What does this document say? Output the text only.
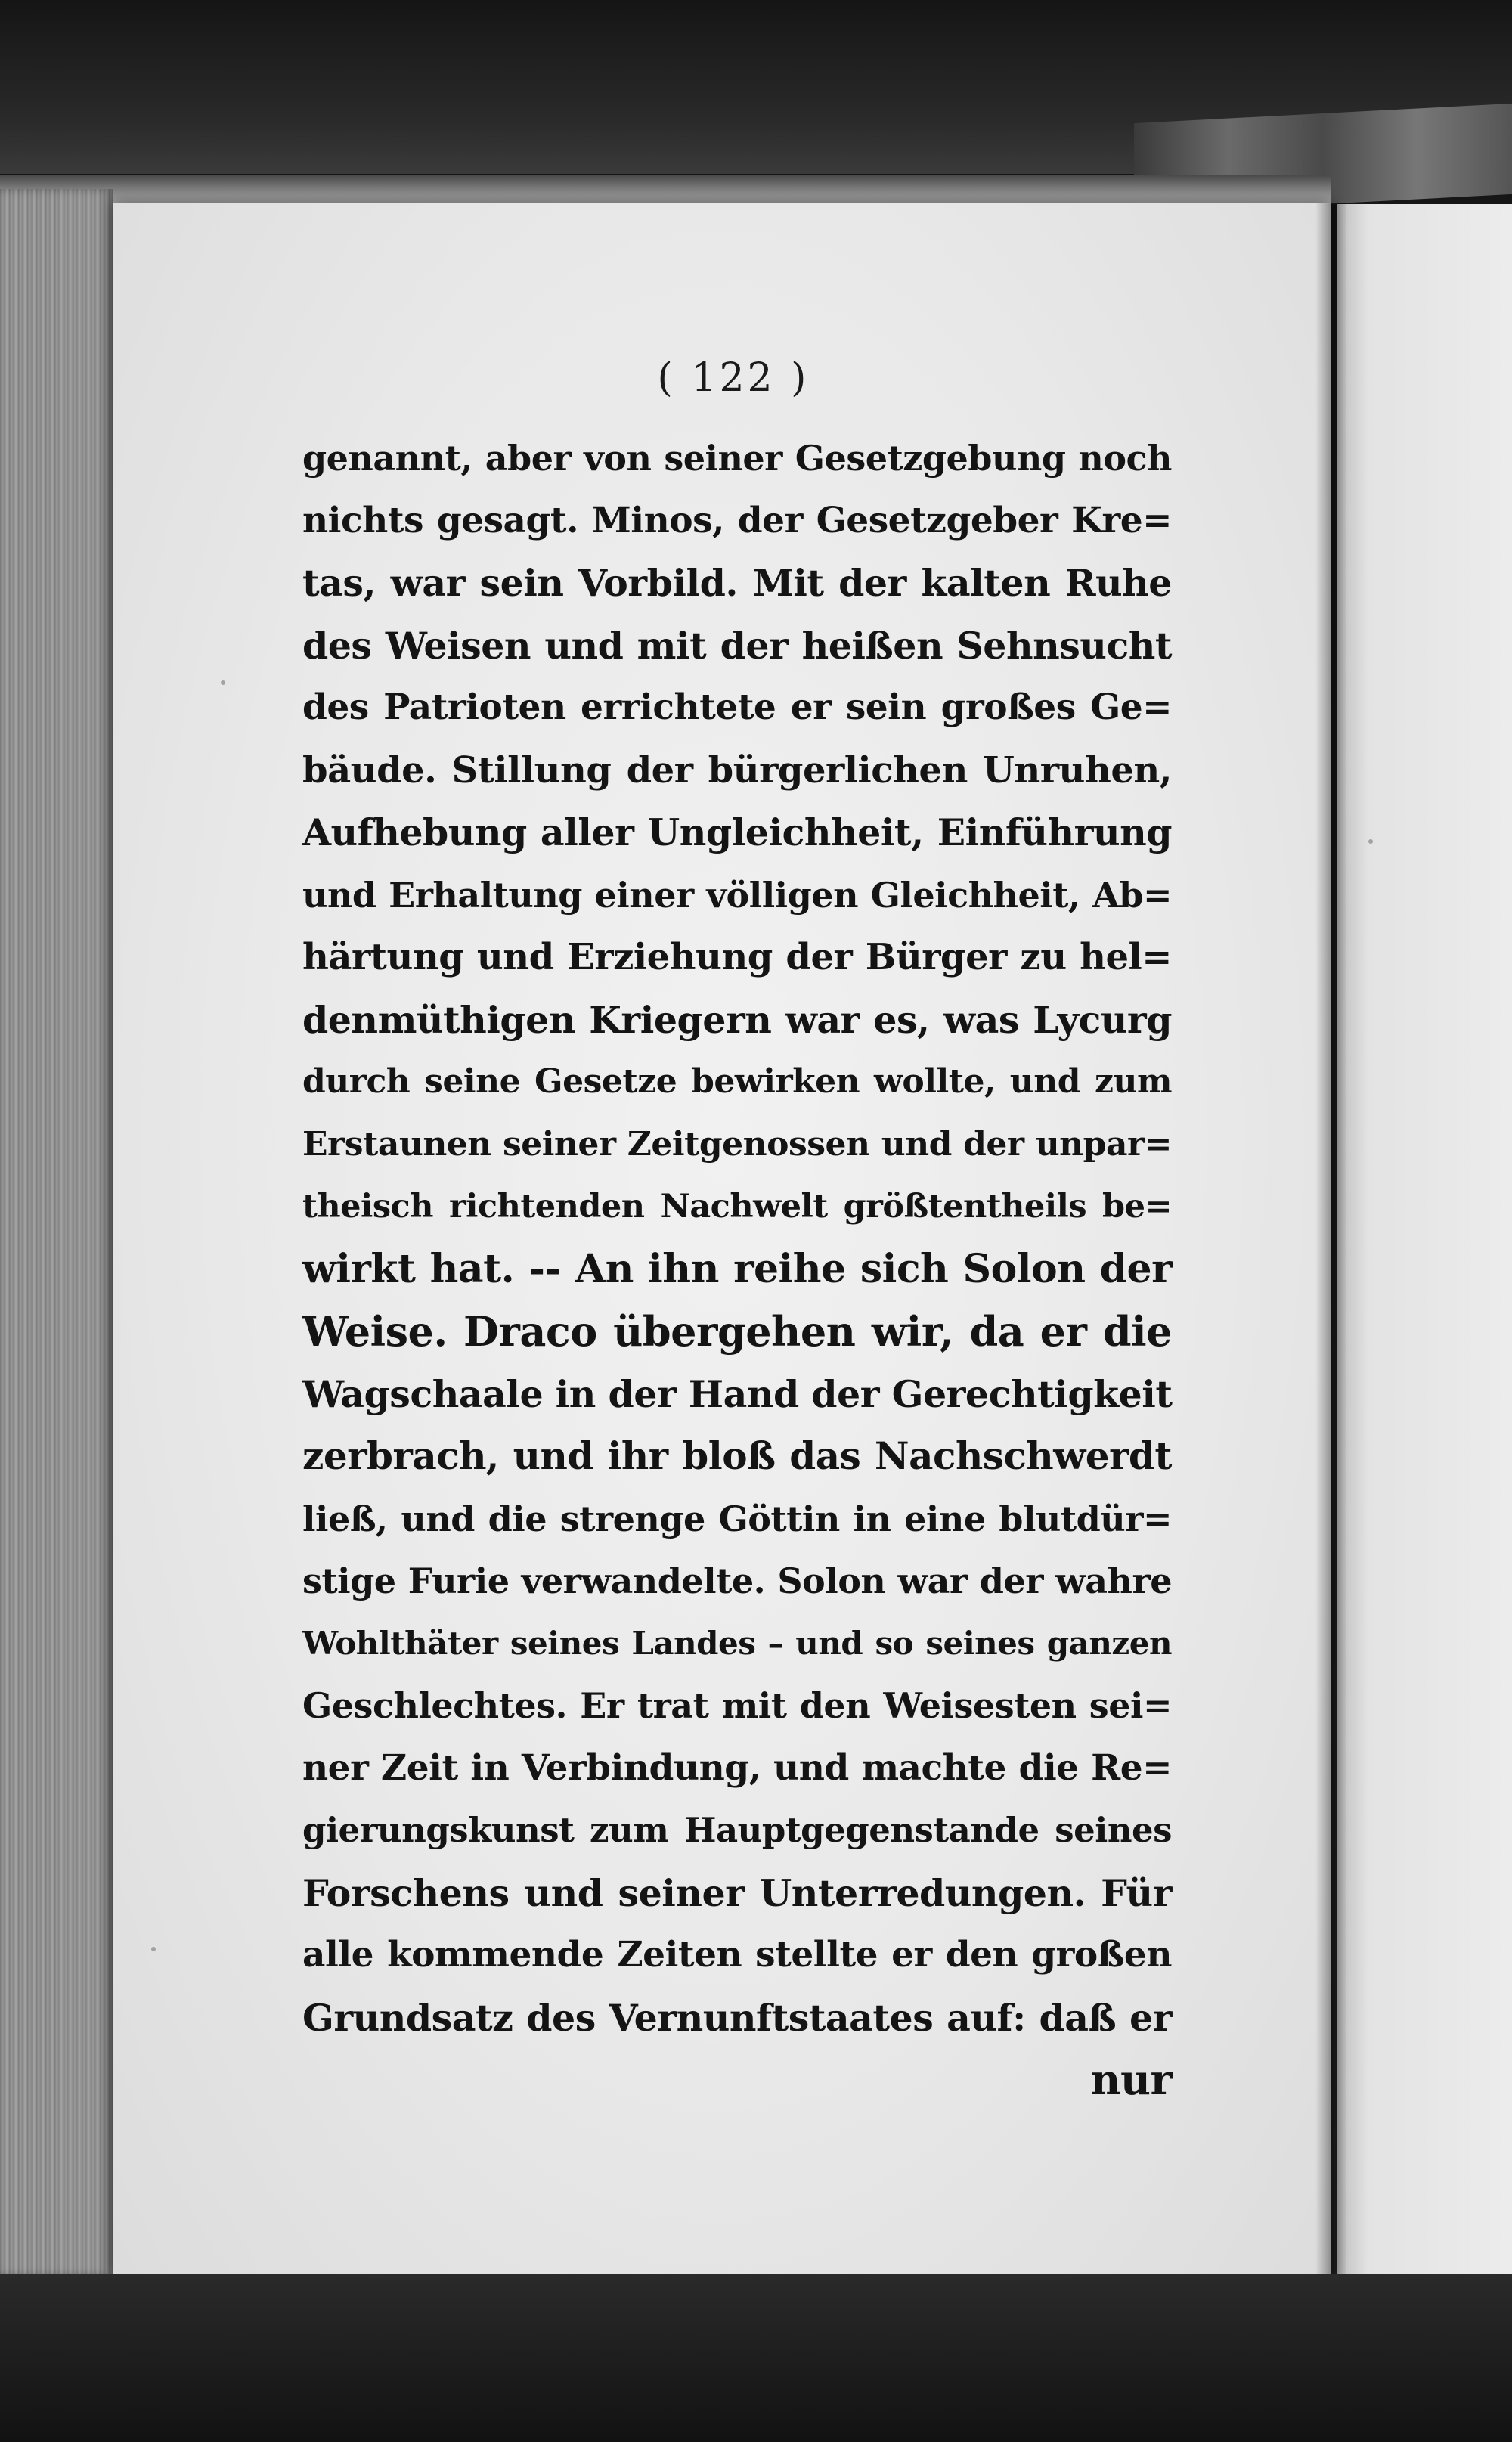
( 122 )
genannt, aber von seiner Gesetzgebung noch
nichts gesagt. Minos, der Gesetzgeber Kre=
tas, war sein Vorbild. Mit der kalten Ruhe
des Weisen und mit der heißen Sehnsucht
des Patrioten errichtete er sein großes Ge=
bäude. Stillung der bürgerlichen Unruhen,
Aufhebung aller Ungleichheit, Einführung
und Erhaltung einer völligen Gleichheit, Ab=
härtung und Erziehung der Bürger zu hel=
denmüthigen Kriegern war es, was Lycurg
durch seine Gesetze bewirken wollte, und zum
Erstaunen seiner Zeitgenossen und der unpar=
theisch richtenden Nachwelt größtentheils be=
wirkt hat. -- An ihn reihe sich Solon der
Weise. Draco übergehen wir, da er die
Wagschaale in der Hand der Gerechtigkeit
zerbrach, und ihr bloß das Nachschwerdt
ließ, und die strenge Göttin in eine blutdür=
stige Furie verwandelte. Solon war der wahre
Wohlthäter seines Landes – und so seines ganzen
Geschlechtes. Er trat mit den Weisesten sei=
ner Zeit in Verbindung, und machte die Re=
gierungskunst zum Hauptgegenstande seines
Forschens und seiner Unterredungen. Für
alle kommende Zeiten stellte er den großen
Grundsatz des Vernunftstaates auf: daß er
nur
